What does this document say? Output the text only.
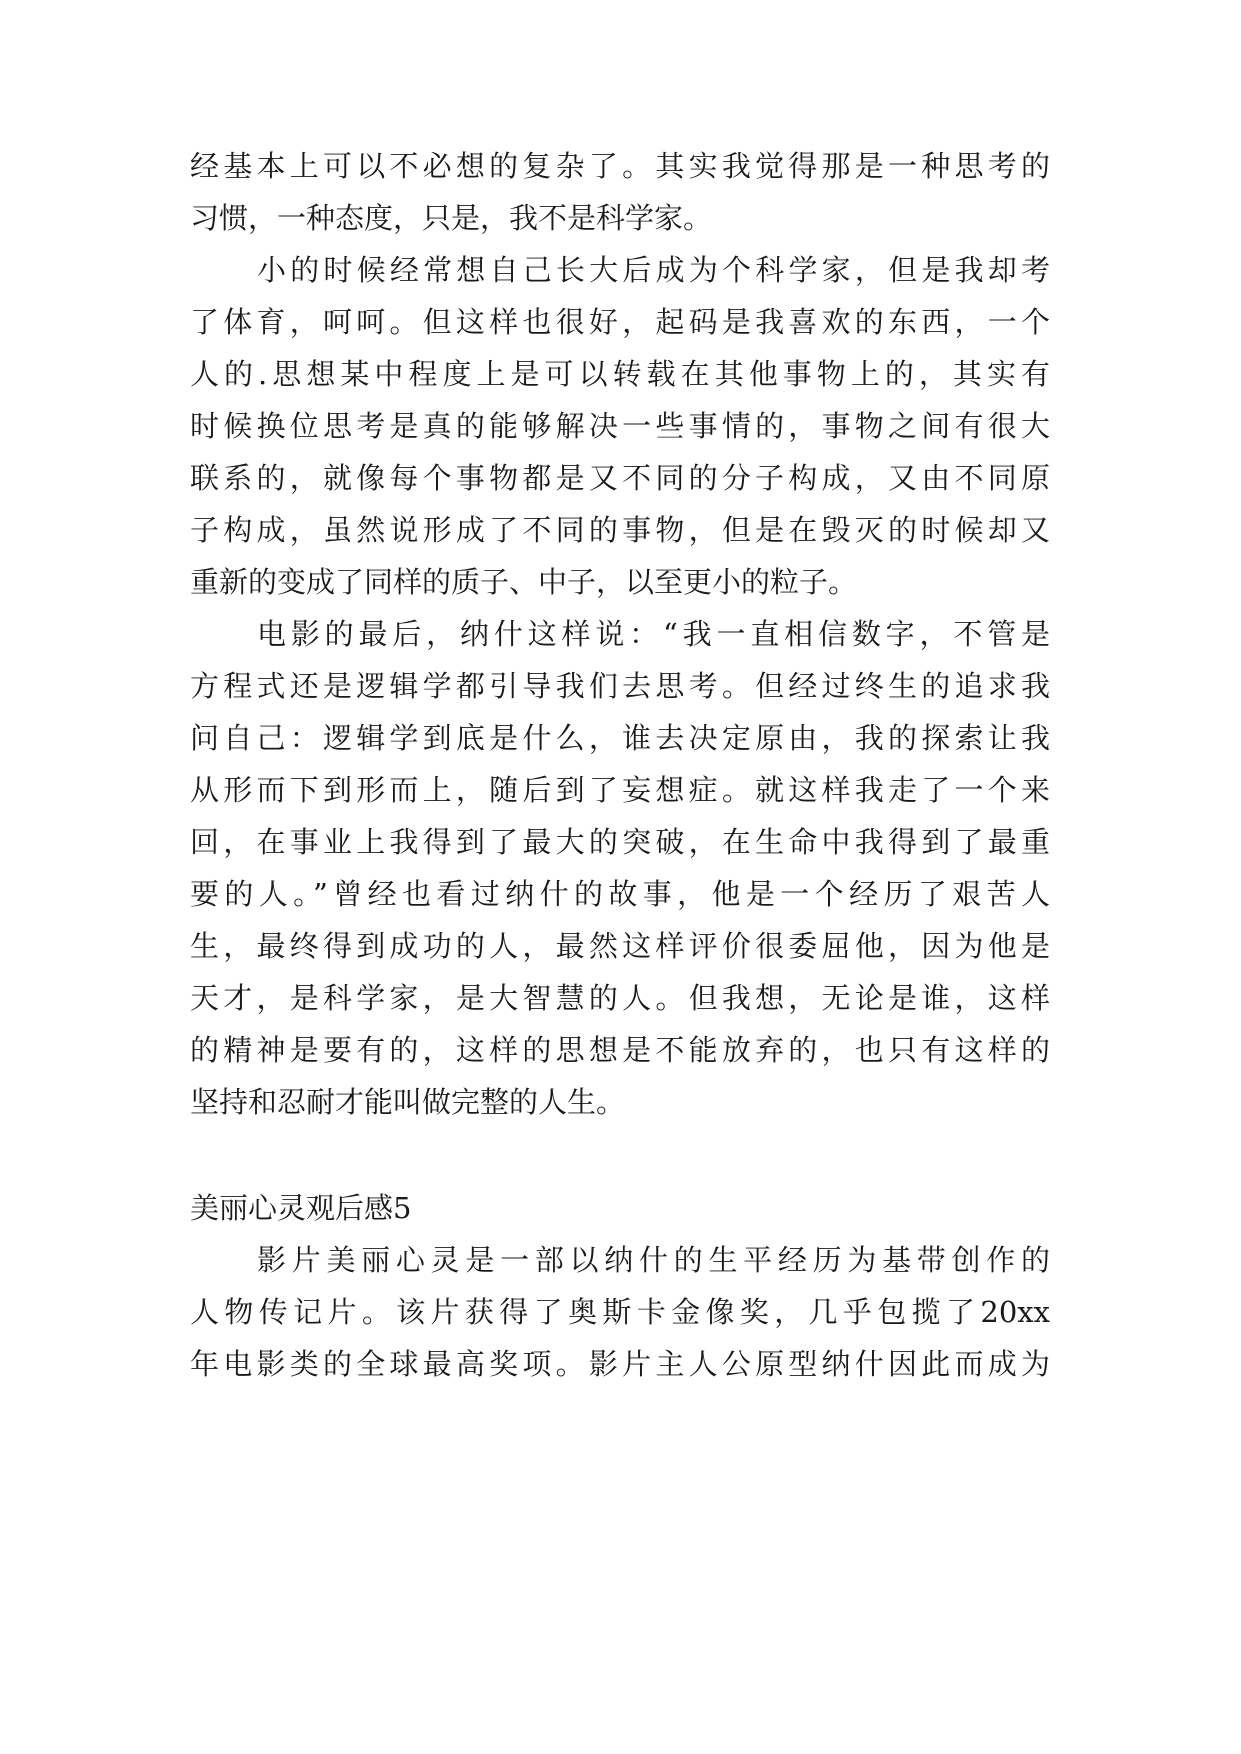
经基本上可以不必想的复杂了。其实我觉得那是一种思考的
习惯，一种态度，只是，我不是科学家。
小的时候经常想自己长大后成为个科学家，但是我却考
了体育，呵呵。但这样也很好，起码是我喜欢的东西，一个
人的.思想某中程度上是可以转载在其他事物上的，其实有
时候换位思考是真的能够解决一些事情的，事物之间有很大
联系的，就像每个事物都是又不同的分子构成，又由不同原
子构成，虽然说形成了不同的事物，但是在毁灭的时候却又
重新的变成了同样的质子、中子，以至更小的粒子。
电影的最后，纳什这样说：“我一直相信数字，不管是
方程式还是逻辑学都引导我们去思考。但经过终生的追求我
问自己：逻辑学到底是什么，谁去决定原由，我的探索让我
从形而下到形而上，随后到了妄想症。就这样我走了一个来
回，在事业上我得到了最大的突破，在生命中我得到了最重
要的人。”曾经也看过纳什的故事，他是一个经历了艰苦人
生，最终得到成功的人，最然这样评价很委屈他，因为他是
天才，是科学家，是大智慧的人。但我想，无论是谁，这样
的精神是要有的，这样的思想是不能放弃的，也只有这样的
坚持和忍耐才能叫做完整的人生。
美丽心灵观后感5
影片美丽心灵是一部以纳什的生平经历为基带创作的
人物传记片。该片获得了奥斯卡金像奖，几乎包揽了20xx
年电影类的全球最高奖项。影片主人公原型纳什因此而成为
